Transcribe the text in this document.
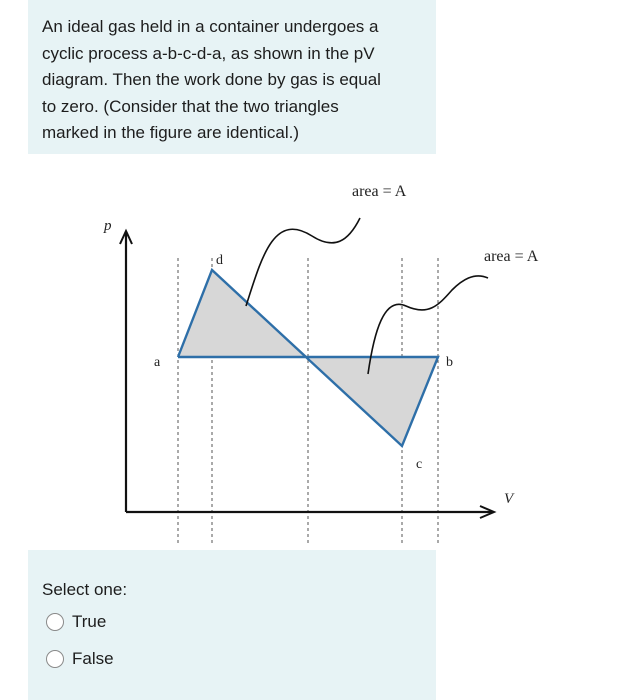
An ideal gas held in a container undergoes a
cyclic process a-b-c-d-a, as shown in the pV
diagram. Then the work done by gas is equal
to zero. (Consider that the two triangles
marked in the figure are identical.)

p
V
a	b
c
d
area = A
area = A
Select one:
True
False
